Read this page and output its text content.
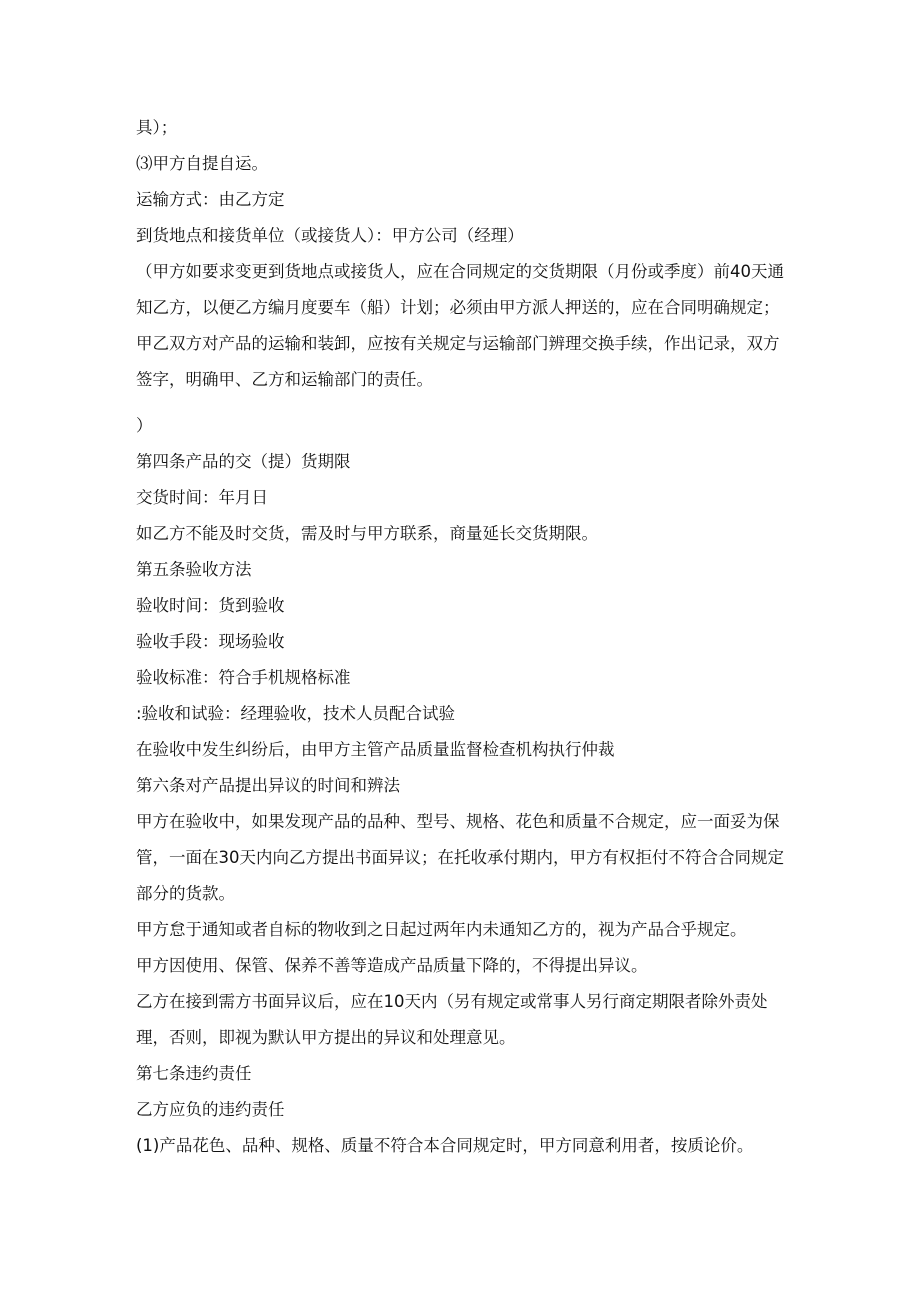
具）；

⑶甲方自提自运。

运输方式：由乙方定

到货地点和接货单位（或接货人）：甲方公司（经理）

（甲方如要求变更到货地点或接货人，应在合同规定的交货期限（月份或季度）前40天通知乙方，以便乙方编月度要车（船）计划；必须由甲方派人押送的，应在合同明确规定；甲乙双方对产品的运输和装卸，应按有关规定与运输部门辨理交换手续，作出记录，双方签字，明确甲、乙方和运输部门的责任。

）

第四条产品的交（提）货期限

交货时间：年月日

如乙方不能及时交货，需及时与甲方联系，商量延长交货期限。

第五条验收方法

验收时间：货到验收

验收手段：现场验收

验收标准：符合手机规格标准

:验收和试验：经理验收，技术人员配合试验

在验收中发生纠纷后，由甲方主管产品质量监督检查机构执行仲裁

第六条对产品提出异议的时间和辨法

甲方在验收中，如果发现产品的品种、型号、规格、花色和质量不合规定，应一面妥为保管，一面在30天内向乙方提出书面异议；在托收承付期内，甲方有权拒付不符合合同规定部分的货款。

甲方怠于通知或者自标的物收到之日起过两年内未通知乙方的，视为产品合乎规定。

甲方因使用、保管、保养不善等造成产品质量下降的，不得提出异议。

乙方在接到需方书面异议后，应在10天内（另有规定或常事人另行商定期限者除外责处理，否则，即视为默认甲方提出的异议和处理意见。

第七条违约责任

乙方应负的违约责任

(1)产品花色、品种、规格、质量不符合本合同规定时，甲方同意利用者，按质论价。
